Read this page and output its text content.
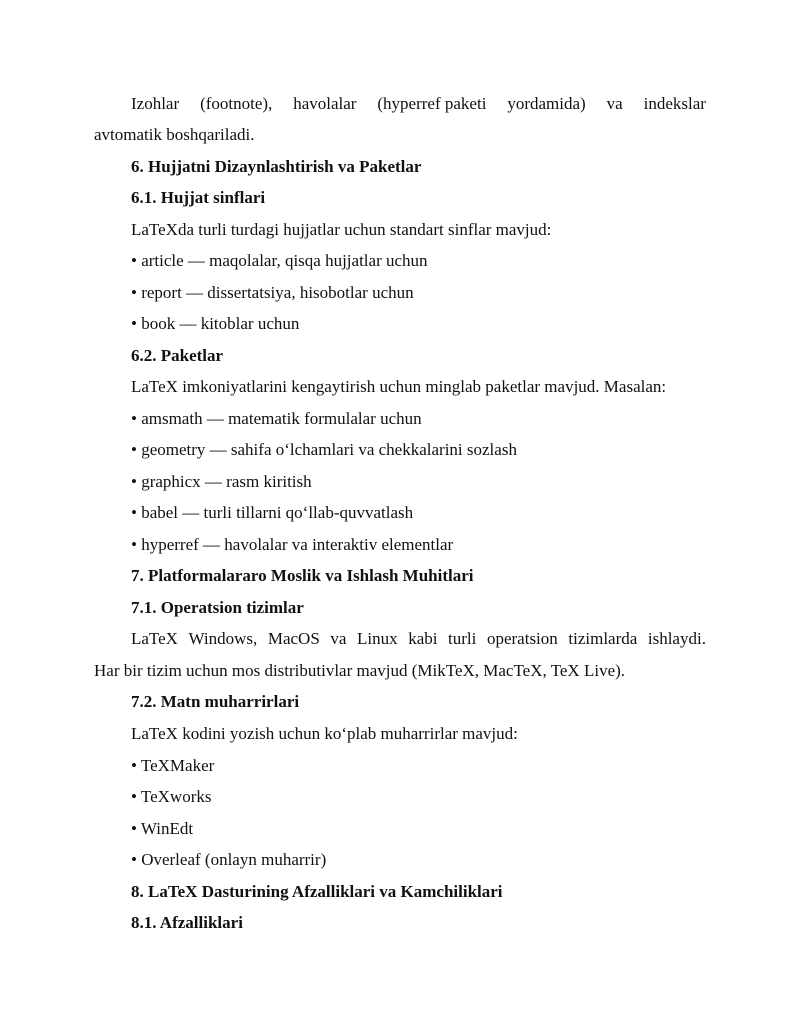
Izohlar (footnote), havolalar (hyperref paketi yordamida) va indekslar
avtomatik boshqariladi.
6. Hujjatni Dizaynlashtirish va Paketlar
6.1. Hujjat sinflari
LaTeXda turli turdagi hujjatlar uchun standart sinflar mavjud:
• article — maqolalar, qisqa hujjatlar uchun
• report — dissertatsiya, hisobotlar uchun
• book — kitoblar uchun
6.2. Paketlar
LaTeX imkoniyatlarini kengaytirish uchun minglab paketlar mavjud. Masalan:
• amsmath — matematik formulalar uchun
• geometry — sahifa o‘lchamlari va chekkalarini sozlash
• graphicx — rasm kiritish
• babel — turli tillarni qo‘llab-quvvatlash
• hyperref — havolalar va interaktiv elementlar
7. Platformalararo Moslik va Ishlash Muhitlari
7.1. Operatsion tizimlar
LaTeX Windows, MacOS va Linux kabi turli operatsion tizimlarda ishlaydi.
Har bir tizim uchun mos distributivlar mavjud (MikTeX, MacTeX, TeX Live).
7.2. Matn muharrirlari
LaTeX kodini yozish uchun ko‘plab muharrirlar mavjud:
• TeXMaker
• TeXworks
• WinEdt
• Overleaf (onlayn muharrir)
8. LaTeX Dasturining Afzalliklari va Kamchiliklari
8.1. Afzalliklari
